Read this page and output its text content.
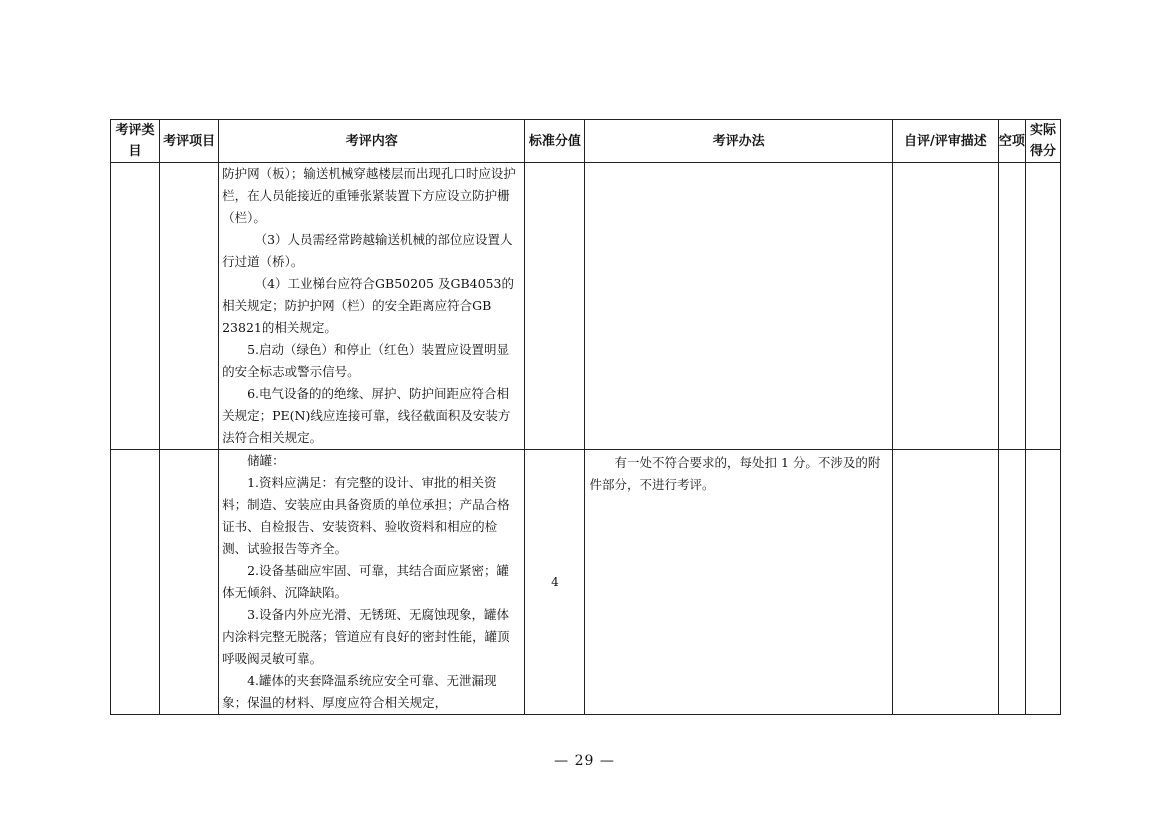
考评类目	考评项目	考评内容	标准分值	考评办法	自评/评审描述	空项	实际得分

		防护网（板）；输送机械穿越楼层而出现孔口时应设护栏，在人员能接近的重锤张紧装置下方应设立防护栅（栏）。
（3）人员需经常跨越输送机械的部位应设置人行过道（桥）。
（4）工业梯台应符合GB50205 及GB4053的相关规定；防护护网（栏）的安全距离应符合GB 23821的相关规定。
5.启动（绿色）和停止（红色）装置应设置明显的安全标志或警示信号。
6.电气设备的的绝缘、屏护、防护间距应符合相关规定；PE(N)线应连接可靠，线径截面积及安装方法符合相关规定。					

		储罐：
1.资料应满足：有完整的设计、审批的相关资料；制造、安装应由具备资质的单位承担；产品合格证书、自检报告、安装资料、验收资料和相应的检测、试验报告等齐全。
2.设备基础应牢固、可靠，其结合面应紧密；罐体无倾斜、沉降缺陷。
3.设备内外应光滑、无锈斑、无腐蚀现象，罐体内涂料完整无脱落；管道应有良好的密封性能，罐顶呼吸阀灵敏可靠。
4.罐体的夹套降温系统应安全可靠、无泄漏现象；保温的材料、厚度应符合相关规定，	4	有一处不符合要求的，每处扣 1 分。不涉及的附件部分，不进行考评。			

— 29 —
